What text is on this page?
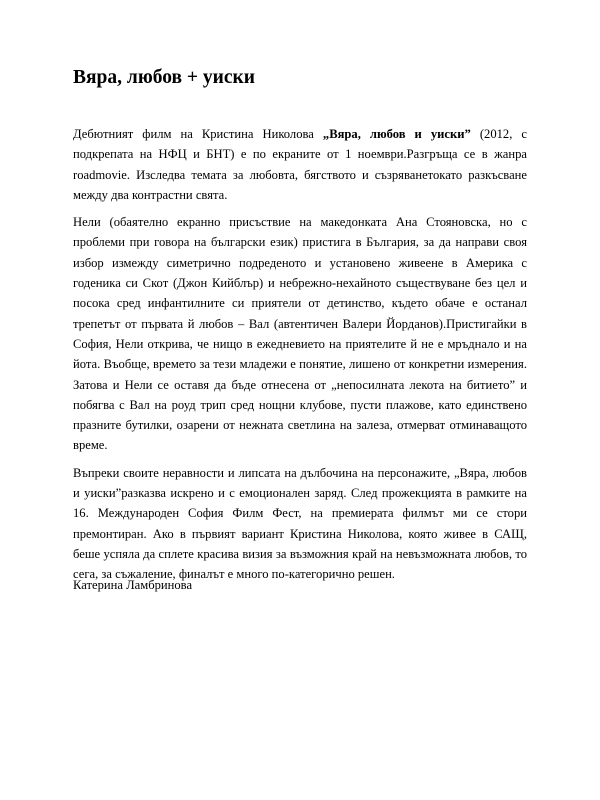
Вяра, любов + уиски

Дебютният филм на Кристина Николова „Вяра, любов и уиски” (2012, с подкрепата на НФЦ и БНТ) е по екраните от 1 ноември.Разгръща се в жанра roadmovie. Изследва темата за любовта, бягството и съзряванетокато разкъсване между два контрастни свята.

Нели (обаятелно екранно присъствие на македонката Ана Стояновска, но с проблеми при говора на български език) пристига в България, за да направи своя избор измежду симетрично подреденото и установено живеене в Америка с годеника си Скот (Джон Кийблър) и небрежно-нехайното съществуване без цел и посока сред инфантилните си приятели от детинство, където обаче е останал трепетът от първата й любов – Вал (автентичен Валери Йорданов).Пристигайки в София, Нели открива, че нищо в ежедневието на приятелите й не е мръднало и на йота. Въобще, времето за тези младежи е понятие, лишено от конкретни измерения. Затова и Нели се оставя да бъде отнесена от „непосилната лекота на битието” и побягва с Вал на роуд трип сред нощни клубове, пусти плажове, като единствено празните бутилки, озарени от нежната светлина на залеза, отмерват отминаващото време.

Въпреки своите неравности и липсата на дълбочина на персонажите, „Вяра, любов и уиски”разказва искрено и с емоционален заряд. След прожекцията в рамките на 16. Международен София Филм Фест, на премиерата филмът ми се стори премонтиран. Ако в първият вариант Кристина Николова, която живее в САЩ, беше успяла да сплете красива визия за възможния край на невъзможната любов, то сега, за съжаление, финалът е много по-категорично решен.

Катерина Ламбринова
